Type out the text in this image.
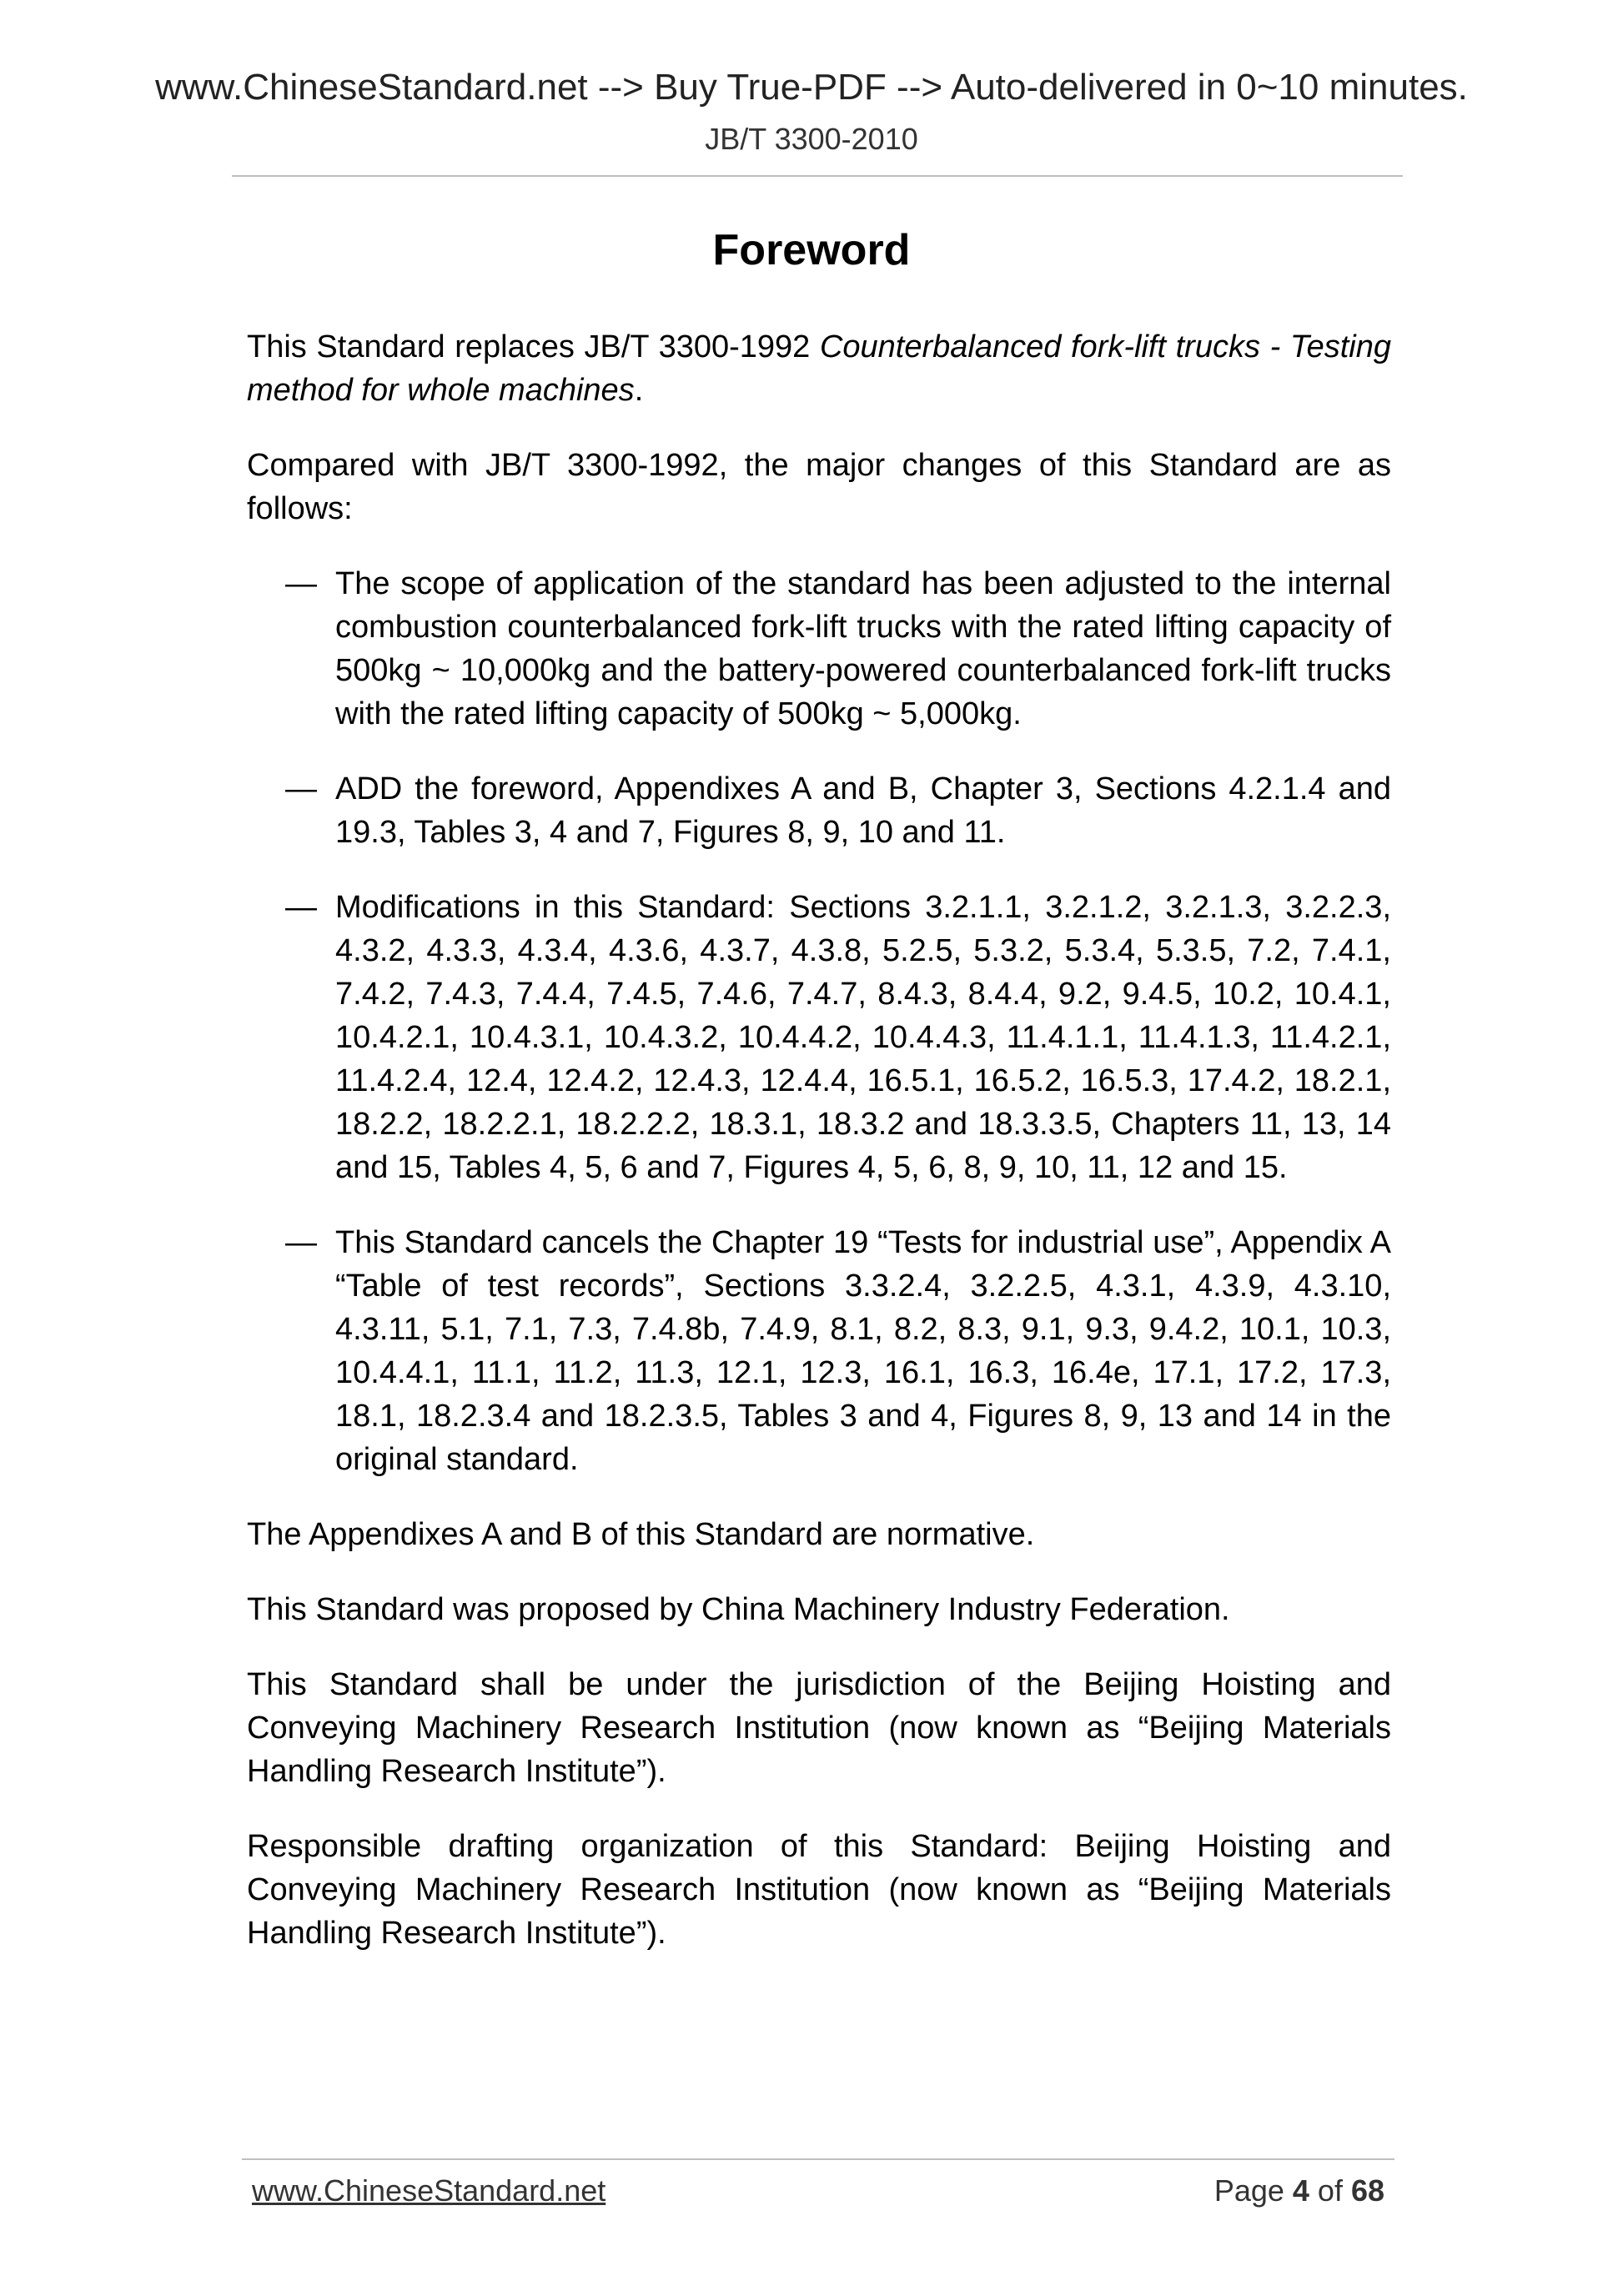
www.ChineseStandard.net --> Buy True-PDF --> Auto-delivered in 0~10 minutes.
JB/T 3300-2010
Foreword

This Standard replaces JB/T 3300-1992 Counterbalanced fork-lift trucks - Testing method for whole machines.

Compared with JB/T 3300-1992, the major changes of this Standard are as follows:

— The scope of application of the standard has been adjusted to the internal combustion counterbalanced fork-lift trucks with the rated lifting capacity of 500kg ~ 10,000kg and the battery-powered counterbalanced fork-lift trucks with the rated lifting capacity of 500kg ~ 5,000kg.
— ADD the foreword, Appendixes A and B, Chapter 3, Sections 4.2.1.4 and 19.3, Tables 3, 4 and 7, Figures 8, 9, 10 and 11.
— Modifications in this Standard: Sections 3.2.1.1, 3.2.1.2, 3.2.1.3, 3.2.2.3, 4.3.2, 4.3.3, 4.3.4, 4.3.6, 4.3.7, 4.3.8, 5.2.5, 5.3.2, 5.3.4, 5.3.5, 7.2, 7.4.1, 7.4.2, 7.4.3, 7.4.4, 7.4.5, 7.4.6, 7.4.7, 8.4.3, 8.4.4, 9.2, 9.4.5, 10.2, 10.4.1, 10.4.2.1, 10.4.3.1, 10.4.3.2, 10.4.4.2, 10.4.4.3, 11.4.1.1, 11.4.1.3, 11.4.2.1, 11.4.2.4, 12.4, 12.4.2, 12.4.3, 12.4.4, 16.5.1, 16.5.2, 16.5.3, 17.4.2, 18.2.1, 18.2.2, 18.2.2.1, 18.2.2.2, 18.3.1, 18.3.2 and 18.3.3.5, Chapters 11, 13, 14 and 15, Tables 4, 5, 6 and 7, Figures 4, 5, 6, 8, 9, 10, 11, 12 and 15.
— This Standard cancels the Chapter 19 “Tests for industrial use”, Appendix A “Table of test records”, Sections 3.3.2.4, 3.2.2.5, 4.3.1, 4.3.9, 4.3.10, 4.3.11, 5.1, 7.1, 7.3, 7.4.8b, 7.4.9, 8.1, 8.2, 8.3, 9.1, 9.3, 9.4.2, 10.1, 10.3, 10.4.4.1, 11.1, 11.2, 11.3, 12.1, 12.3, 16.1, 16.3, 16.4e, 17.1, 17.2, 17.3, 18.1, 18.2.3.4 and 18.2.3.5, Tables 3 and 4, Figures 8, 9, 13 and 14 in the original standard.

The Appendixes A and B of this Standard are normative.

This Standard was proposed by China Machinery Industry Federation.

This Standard shall be under the jurisdiction of the Beijing Hoisting and Conveying Machinery Research Institution (now known as “Beijing Materials Handling Research Institute”).

Responsible drafting organization of this Standard: Beijing Hoisting and Conveying Machinery Research Institution (now known as “Beijing Materials Handling Research Institute”).

www.ChineseStandard.net	Page 4 of 68
